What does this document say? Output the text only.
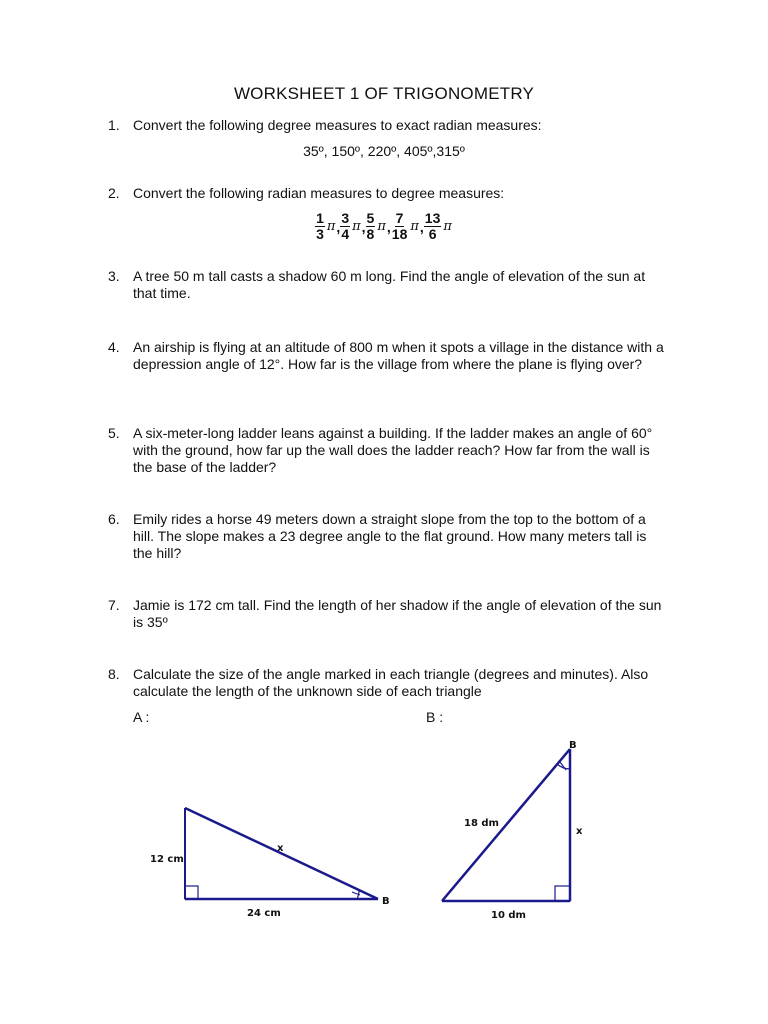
WORKSHEET 1 OF TRIGONOMETRY
1. Convert the following degree measures to exact radian measures:
35º, 150º, 220º, 405º,315º
2. Convert the following radian measures to degree measures:
$\frac{1}{3}$ π , $\frac{3}{4}$ π , $\frac{5}{8}$ π , $\frac{7}{18}$ π , $\frac{13}{6}$ π
3. A tree 50 m tall casts a shadow 60 m long. Find the angle of elevation of the sun at that time.
4. An airship is flying at an altitude of 800 m when it spots a village in the distance with a depression angle of 12°. How far is the village from where the plane is flying over?
5. A six-meter-long ladder leans against a building. If the ladder makes an angle of 60° with the ground, how far up the wall does the ladder reach? How far from the wall is the base of the ladder?
6. Emily rides a horse 49 meters down a straight slope from the top to the bottom of a hill. The slope makes a 23 degree angle to the flat ground. How many meters tall is the hill?
7. Jamie is 172 cm tall. Find the length of her shadow if the angle of elevation of the sun is 35º
8. Calculate the size of the angle marked in each triangle (degrees and minutes). Also calculate the length of the unknown side of each triangle
A :	B :
12 cm
24 cm
x
B
18 dm
10 dm
x
B
